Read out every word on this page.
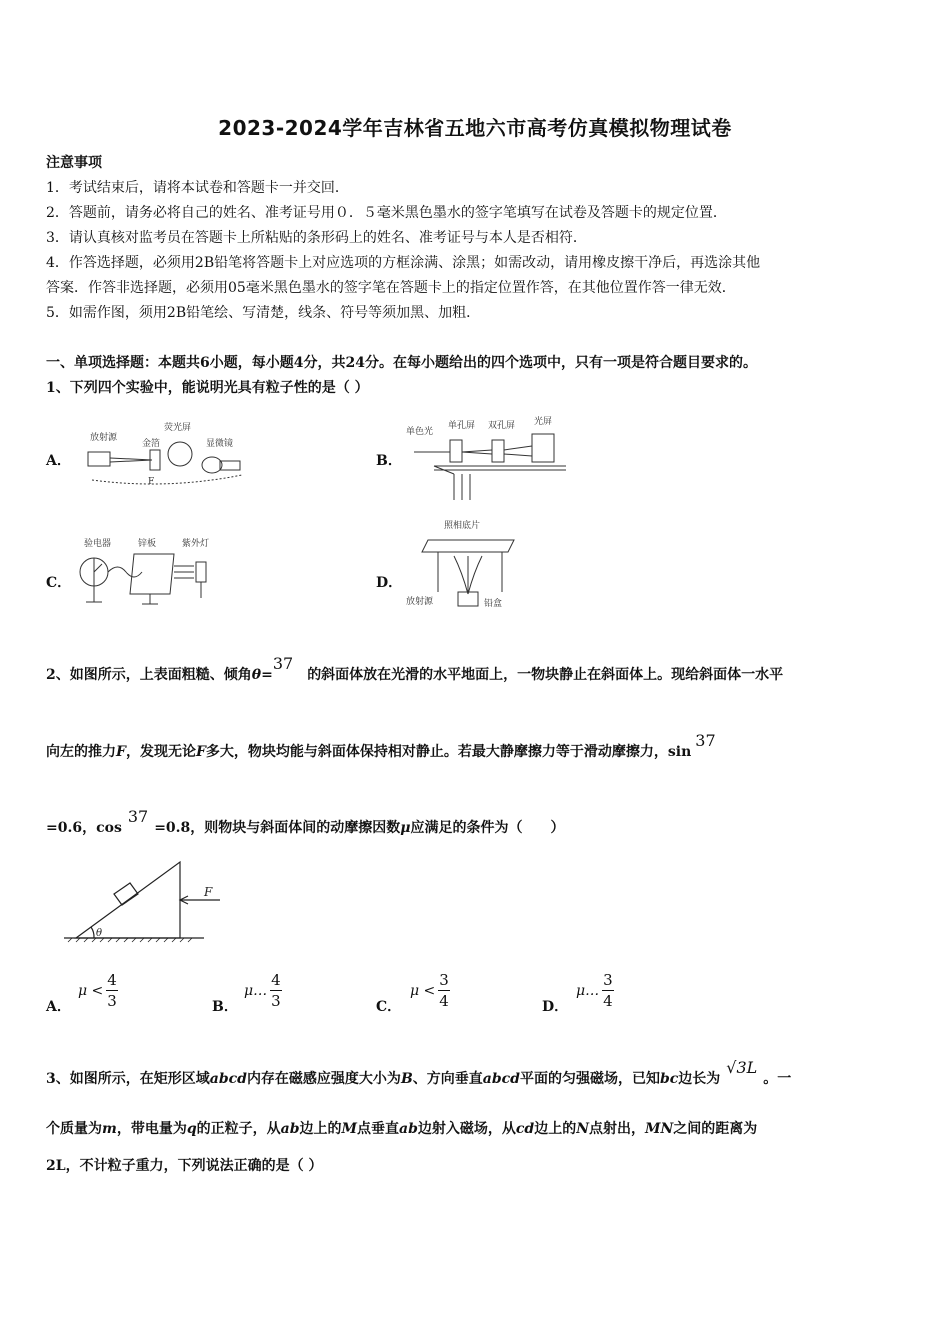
2023-2024学年吉林省五地六市高考仿真模拟物理试卷
注意事项
1．考试结束后，请将本试卷和答题卡一并交回．
2．答题前，请务必将自己的姓名、准考证号用０．５毫米黑色墨水的签字笔填写在试卷及答题卡的规定位置．
3．请认真核对监考员在答题卡上所粘贴的条形码上的姓名、准考证号与本人是否相符．
4．作答选择题，必须用2B铅笔将答题卡上对应选项的方框涂满、涂黑；如需改动，请用橡皮擦干净后，再选涂其他
答案．作答非选择题，必须用05毫米黑色墨水的签字笔在答题卡上的指定位置作答，在其他位置作答一律无效．
5．如需作图，须用2B铅笔绘、写清楚，线条、符号等须加黑、加粗．
一、单项选择题：本题共6小题，每小题4分，共24分。在每小题给出的四个选项中，只有一项是符合题目要求的。
1、下列四个实验中，能说明光具有粒子性的是（ ）
A．
放射源
荧光屏
显微镜
金箔
F
B．
单色光
单孔屏 双孔屏 光屏
C．
验电器	锌板	紫外灯
D．
照相底片
放射源	铅盒
2、如图所示，上表面粗糙、倾角θ=37的斜面体放在光滑的水平地面上，一物块静止在斜面体上。现给斜面体一水平
向左的推力F，发现无论F多大，物块均能与斜面体保持相对静止。若最大静摩擦力等于滑动摩擦力，sin37
=0.6，cos37=0.8，则物块与斜面体间的动摩擦因数μ应满足的条件为（　　）
F
θ
A．
$\mu < \frac{4}{3}$	B．
μ… $\frac{4}{3}$	C．
$\mu < \frac{3}{4}$	D．
μ… $\frac{3}{4}$
3、如图所示，在矩形区域abcd内存在磁感应强度大小为B、方向垂直abcd平面的匀强磁场，已知bc边长为√3L。一
个质量为m，带电量为q的正粒子，从ab边上的M点垂直ab边射入磁场，从cd边上的N点射出，MN之间的距离为
2L，不计粒子重力，下列说法正确的是（ ）
